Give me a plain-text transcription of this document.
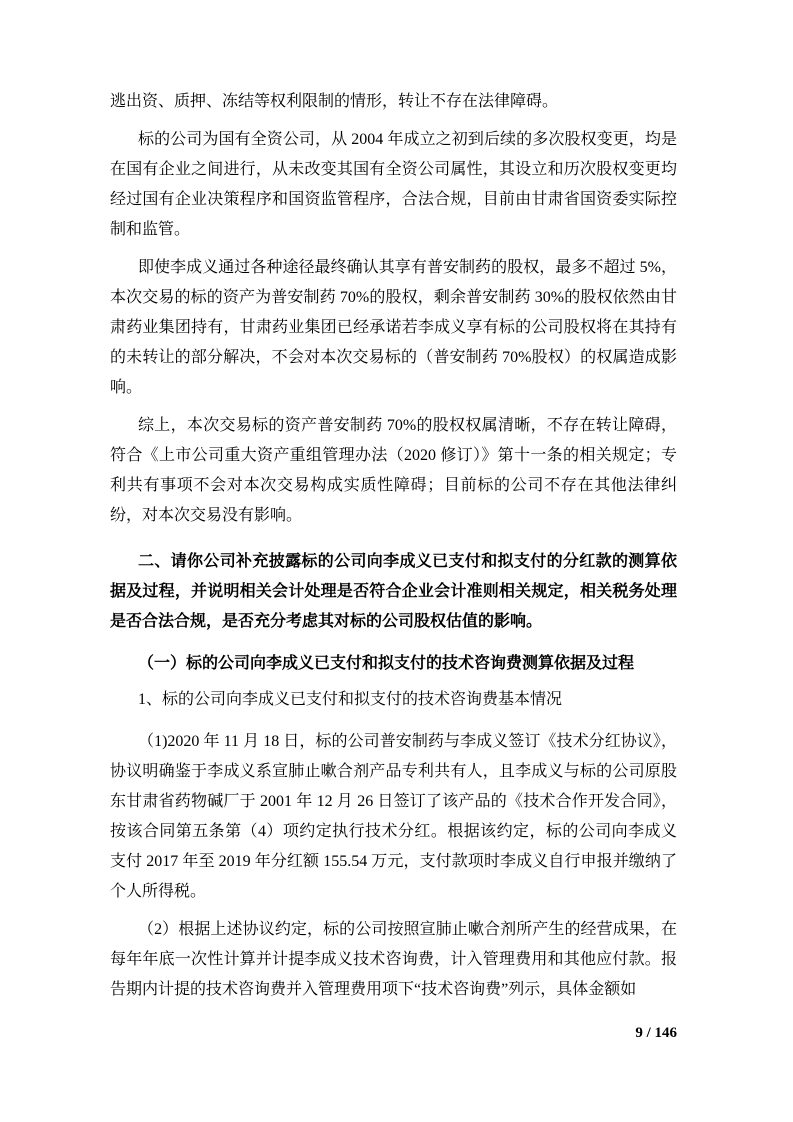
逃出资、质押、冻结等权利限制的情形，转让不存在法律障碍。

标的公司为国有全资公司，从 2004 年成立之初到后续的多次股权变更，均是在国有企业之间进行，从未改变其国有全资公司属性，其设立和历次股权变更均经过国有企业决策程序和国资监管程序，合法合规，目前由甘肃省国资委实际控制和监管。

即使李成义通过各种途径最终确认其享有普安制药的股权，最多不超过 5%，本次交易的标的资产为普安制药 70%的股权，剩余普安制药 30%的股权依然由甘肃药业集团持有，甘肃药业集团已经承诺若李成义享有标的公司股权将在其持有的未转让的部分解决，不会对本次交易标的（普安制药 70%股权）的权属造成影响。

综上，本次交易标的资产普安制药 70%的股权权属清晰，不存在转让障碍，符合《上市公司重大资产重组管理办法（2020 修订）》第十一条的相关规定；专利共有事项不会对本次交易构成实质性障碍；目前标的公司不存在其他法律纠纷，对本次交易没有影响。

二、请你公司补充披露标的公司向李成义已支付和拟支付的分红款的测算依据及过程，并说明相关会计处理是否符合企业会计准则相关规定，相关税务处理是否合法合规，是否充分考虑其对标的公司股权估值的影响。

（一）标的公司向李成义已支付和拟支付的技术咨询费测算依据及过程

1、标的公司向李成义已支付和拟支付的技术咨询费基本情况

（1)2020 年 11 月 18 日，标的公司普安制药与李成义签订《技术分红协议》，协议明确鉴于李成义系宣肺止嗽合剂产品专利共有人，且李成义与标的公司原股东甘肃省药物碱厂于 2001 年 12 月 26 日签订了该产品的《技术合作开发合同》，按该合同第五条第（4）项约定执行技术分红。根据该约定，标的公司向李成义支付 2017 年至 2019 年分红额 155.54 万元，支付款项时李成义自行申报并缴纳了个人所得税。

（2）根据上述协议约定，标的公司按照宣肺止嗽合剂所产生的经营成果，在每年年底一次性计算并计提李成义技术咨询费，计入管理费用和其他应付款。报告期内计提的技术咨询费并入管理费用项下“技术咨询费”列示，具体金额如

9 / 146
